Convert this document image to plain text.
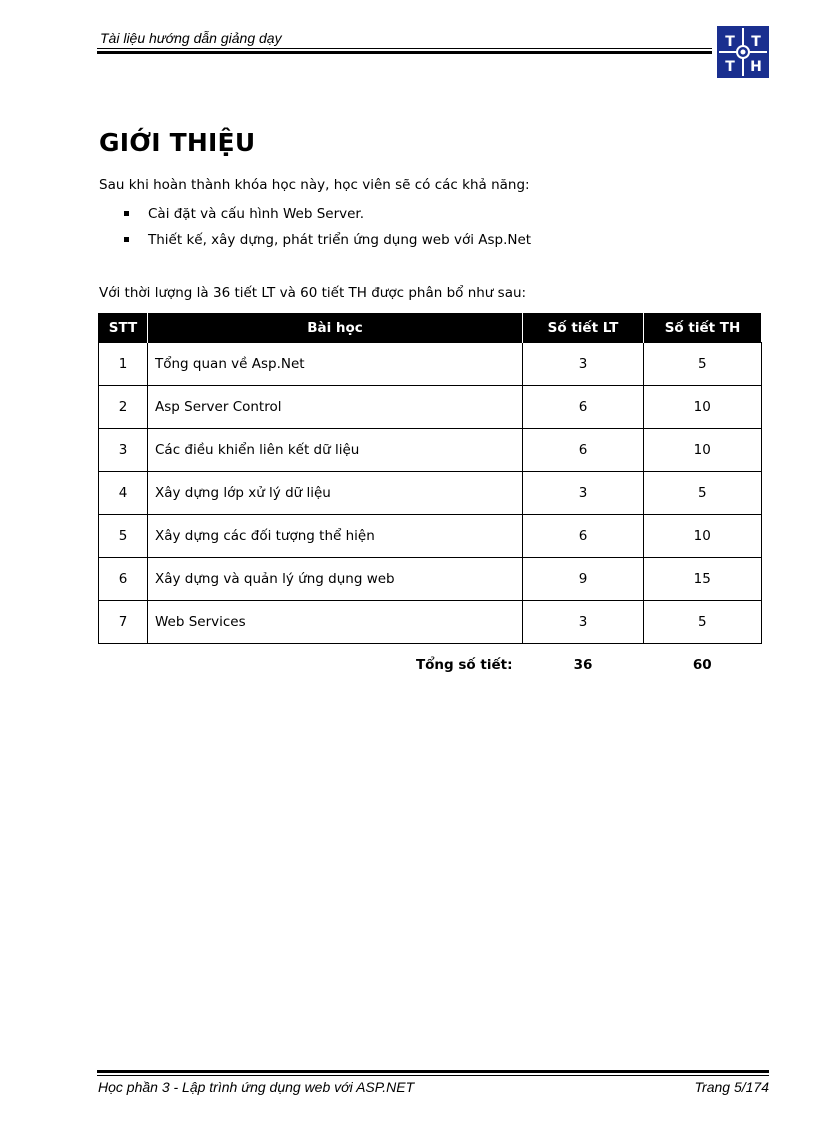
Tài liệu hướng dẫn giảng dạy	T T
T H
GIỚI THIỆU
Sau khi hoàn thành khóa học này, học viên sẽ có các khả năng:
Cài đặt và cấu hình Web Server.
Thiết kế, xây dựng, phát triển ứng dụng web với Asp.Net
Với thời lượng là 36 tiết LT và 60 tiết TH được phân bổ như sau:
STT	Bài học	Số tiết LT	Số tiết TH
1	Tổng quan về Asp.Net	3	5
2	Asp Server Control	6	10
3	Các điều khiển liên kết dữ liệu	6	10
4	Xây dựng lớp xử lý dữ liệu	3	5
5	Xây dựng các đối tượng thể hiện	6	10
6	Xây dựng và quản lý ứng dụng web	9	15
7	Web Services	3	5
	Tổng số tiết:	36	60
Học phần 3 - Lập trình ứng dụng web với ASP.NET	Trang 5/174
